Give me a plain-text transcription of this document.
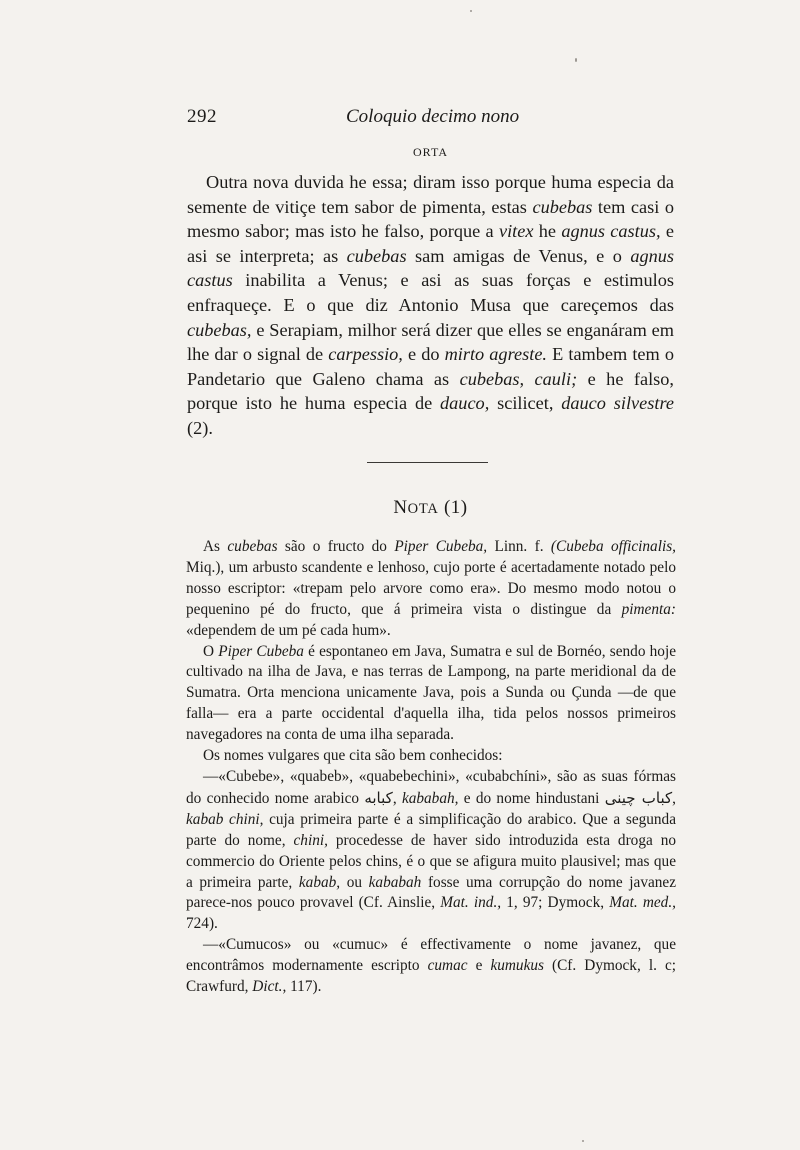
292	Coloquio decimo nono
ORTA

Outra nova duvida he essa; diram isso porque huma especia da semente de vitiçe tem sabor de pimenta, estas cubebas tem casi o mesmo sabor; mas isto he falso, porque a vitex he agnus castus, e asi se interpreta; as cubebas sam amigas de Venus, e o agnus castus inabilita a Venus; e asi as suas forças e estimulos enfraqueçe. E o que diz Antonio Musa que careçemos das cubebas, e Serapiam, milhor será dizer que elles se enganáram em lhe dar o signal de carpessio, e do mirto agreste. E tambem tem o Pandetario que Galeno chama as cubebas, cauli; e he falso, porque isto he huma especia de dauco, scilicet, dauco silvestre (2).

NOTA (1)

As cubebas são o fructo do Piper Cubeba, Linn. f. (Cubeba officinalis, Miq.), um arbusto scandente e lenhoso, cujo porte é acertadamente notado pelo nosso escriptor: «trepam pelo arvore como era». Do mesmo modo notou o pequenino pé do fructo, que á primeira vista o distingue da pimenta: «dependem de um pé cada hum».

O Piper Cubeba é espontaneo em Java, Sumatra e sul de Bornéo, sendo hoje cultivado na ilha de Java, e nas terras de Lampong, na parte meridional da de Sumatra. Orta menciona unicamente Java, pois a Sunda ou Çunda —de que falla— era a parte occidental d'aquella ilha, tida pelos nossos primeiros navegadores na conta de uma ilha separada.

Os nomes vulgares que cita são bem conhecidos:

—«Cubebe», «quabeb», «quabebechini», «cubabchíni», são as suas fórmas do conhecido nome arabico كبابه, kababah, e do nome hindustani كباب چينى, kabab chini, cuja primeira parte é a simplificação do arabico. Que a segunda parte do nome, chini, procedesse de haver sido introduzida esta droga no commercio do Oriente pelos chins, é o que se afigura muito plausivel; mas que a primeira parte, kabab, ou kababah fosse uma corrupção do nome javanez parece-nos pouco provavel (Cf. Ainslie, Mat. ind., 1, 97; Dymock, Mat. med., 724).

—«Cumucos» ou «cumuc» é effectivamente o nome javanez, que encontrâmos modernamente escripto cumac e kumukus (Cf. Dymock, l. c; Crawfurd, Dict., 117).
